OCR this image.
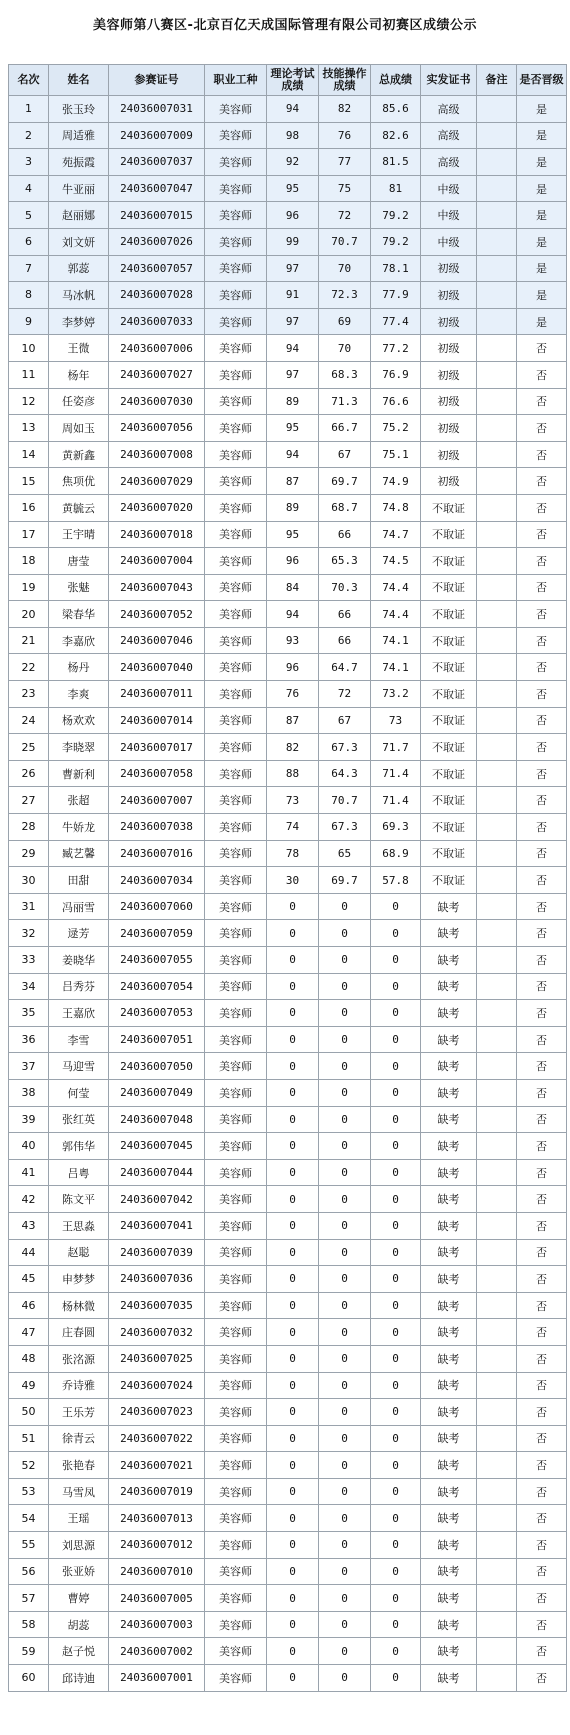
美容师第八赛区-北京百亿天成国际管理有限公司初赛区成绩公示
名次	姓名	参赛证号	职业工种	理论考试成绩	技能操作成绩	总成绩	实发证书	备注	是否晋级
1	张玉玲	24036007031	美容师	94	82	85.6	高级		是
2	周适雅	24036007009	美容师	98	76	82.6	高级		是
3	苑振霞	24036007037	美容师	92	77	81.5	高级		是
4	牛亚丽	24036007047	美容师	95	75	81	中级		是
5	赵丽娜	24036007015	美容师	96	72	79.2	中级		是
6	刘文妍	24036007026	美容师	99	70.7	79.2	中级		是
7	郭蕊	24036007057	美容师	97	70	78.1	初级		是
8	马冰帆	24036007028	美容师	91	72.3	77.9	初级		是
9	李梦婷	24036007033	美容师	97	69	77.4	初级		是
10	王微	24036007006	美容师	94	70	77.2	初级		否
11	杨年	24036007027	美容师	97	68.3	76.9	初级		否
12	任姿彦	24036007030	美容师	89	71.3	76.6	初级		否
13	周如玉	24036007056	美容师	95	66.7	75.2	初级		否
14	黄新鑫	24036007008	美容师	94	67	75.1	初级		否
15	焦项优	24036007029	美容师	87	69.7	74.9	初级		否
16	黄毓云	24036007020	美容师	89	68.7	74.8	不取证		否
17	王宇晴	24036007018	美容师	95	66	74.7	不取证		否
18	唐莹	24036007004	美容师	96	65.3	74.5	不取证		否
19	张魅	24036007043	美容师	84	70.3	74.4	不取证		否
20	梁春华	24036007052	美容师	94	66	74.4	不取证		否
21	李嘉欣	24036007046	美容师	93	66	74.1	不取证		否
22	杨丹	24036007040	美容师	96	64.7	74.1	不取证		否
23	李爽	24036007011	美容师	76	72	73.2	不取证		否
24	杨欢欢	24036007014	美容师	87	67	73	不取证		否
25	李晓翠	24036007017	美容师	82	67.3	71.7	不取证		否
26	曹新利	24036007058	美容师	88	64.3	71.4	不取证		否
27	张超	24036007007	美容师	73	70.7	71.4	不取证		否
28	牛娇龙	24036007038	美容师	74	67.3	69.3	不取证		否
29	臧艺馨	24036007016	美容师	78	65	68.9	不取证		否
30	田甜	24036007034	美容师	30	69.7	57.8	不取证		否
31	冯丽雪	24036007060	美容师	0	0	0	缺考		否
32	逯芳	24036007059	美容师	0	0	0	缺考		否
33	姜晓华	24036007055	美容师	0	0	0	缺考		否
34	吕秀芬	24036007054	美容师	0	0	0	缺考		否
35	王嘉欣	24036007053	美容师	0	0	0	缺考		否
36	李雪	24036007051	美容师	0	0	0	缺考		否
37	马迎雪	24036007050	美容师	0	0	0	缺考		否
38	何莹	24036007049	美容师	0	0	0	缺考		否
39	张红英	24036007048	美容师	0	0	0	缺考		否
40	郭伟华	24036007045	美容师	0	0	0	缺考		否
41	吕粤	24036007044	美容师	0	0	0	缺考		否
42	陈文平	24036007042	美容师	0	0	0	缺考		否
43	王思淼	24036007041	美容师	0	0	0	缺考		否
44	赵聪	24036007039	美容师	0	0	0	缺考		否
45	申梦梦	24036007036	美容师	0	0	0	缺考		否
46	杨林微	24036007035	美容师	0	0	0	缺考		否
47	庄春圆	24036007032	美容师	0	0	0	缺考		否
48	张洺源	24036007025	美容师	0	0	0	缺考		否
49	乔诗雅	24036007024	美容师	0	0	0	缺考		否
50	王乐芳	24036007023	美容师	0	0	0	缺考		否
51	徐青云	24036007022	美容师	0	0	0	缺考		否
52	张艳春	24036007021	美容师	0	0	0	缺考		否
53	马雪凤	24036007019	美容师	0	0	0	缺考		否
54	王瑶	24036007013	美容师	0	0	0	缺考		否
55	刘思源	24036007012	美容师	0	0	0	缺考		否
56	张亚娇	24036007010	美容师	0	0	0	缺考		否
57	曹婷	24036007005	美容师	0	0	0	缺考		否
58	胡蕊	24036007003	美容师	0	0	0	缺考		否
59	赵子悦	24036007002	美容师	0	0	0	缺考		否
60	邱诗迪	24036007001	美容师	0	0	0	缺考		否
